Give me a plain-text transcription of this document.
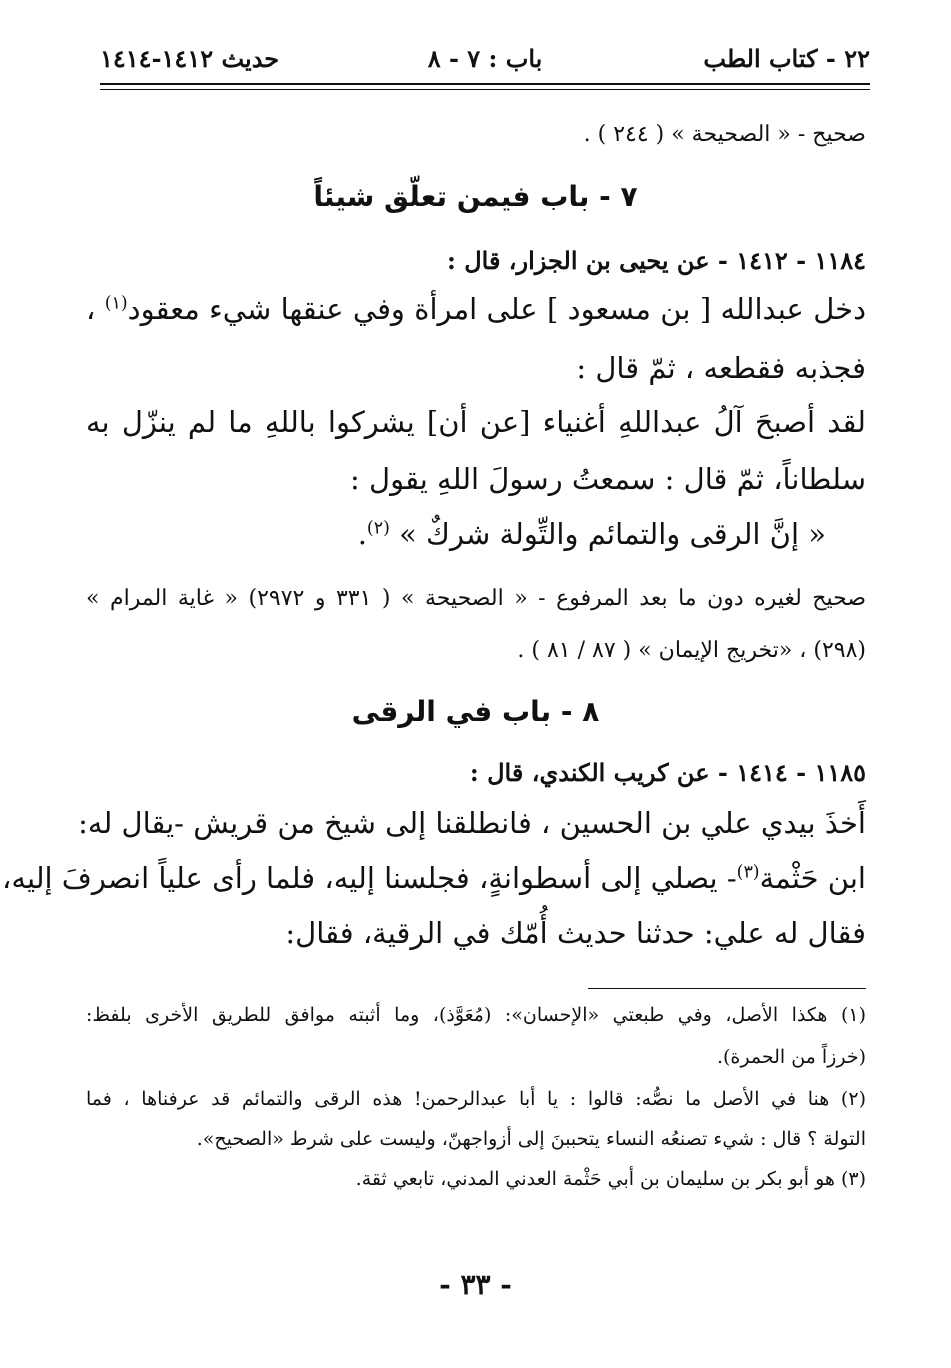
٢٢ - كتاب الطب
باب : ٧ - ٨
حديث ١٤١٢-١٤١٤
صحيح - « الصحيحة » ( ٢٤٤ ) .
٧ - باب فيمن تعلّق شيئاً
١١٨٤ - ١٤١٢ - عن يحيى بن الجزار، قال :
دخل عبدالله [ بن مسعود ] على امرأة وفي عنقها شيء معقود$^{(١)}$ ،
فجذبه فقطعه ، ثمّ قال :
لقد أصبحَ آلُ عبداللهِ أغنياء [عن أن] يشركوا باللهِ ما لم ينزّل به
سلطاناً، ثمّ قال : سمعتُ رسولَ اللهِ يقول :
« إنَّ الرقى والتمائم والتِّولة شركٌ » $^{(٢)}$.
صحيح لغيره دون ما بعد المرفوع - « الصحيحة » ( ٣٣١ و ٢٩٧٢) « غاية المرام »
(٢٩٨) ، «تخريج الإيمان » ( ٨٧ / ٨١ ) .
٨ - باب في الرقى
١١٨٥ - ١٤١٤ - عن كريب الكندي، قال :
أَخذَ بيدي علي بن الحسين ، فانطلقنا إلى شيخ من قريش -يقال له:
ابن حَثْمة$^{(٣)}$- يصلي إلى أسطوانةٍ، فجلسنا إليه، فلما رأى علياً انصرفَ إليه،
فقال له علي: حدثنا حديث أُمّك في الرقية، فقال:
(١) هكذا الأصل، وفي طبعتي «الإحسان»: (مُعَوَّذ)، وما أثبته موافق للطريق الأخرى بلفظ:
(خرزاً من الحمرة).
(٢) هنا في الأصل ما نصُّه: قالوا : يا أبا عبدالرحمن! هذه الرقى والتمائم قد عرفناها ، فما
التولة ؟ قال : شيء تصنعُه النساء يتحببنَ إلى أزواجهنّ، وليست على شرط «الصحيح».
(٣) هو أبو بكر بن سليمان بن أبي حَثْمة العدني المدني، تابعي ثقة.
- ٣٣ -
